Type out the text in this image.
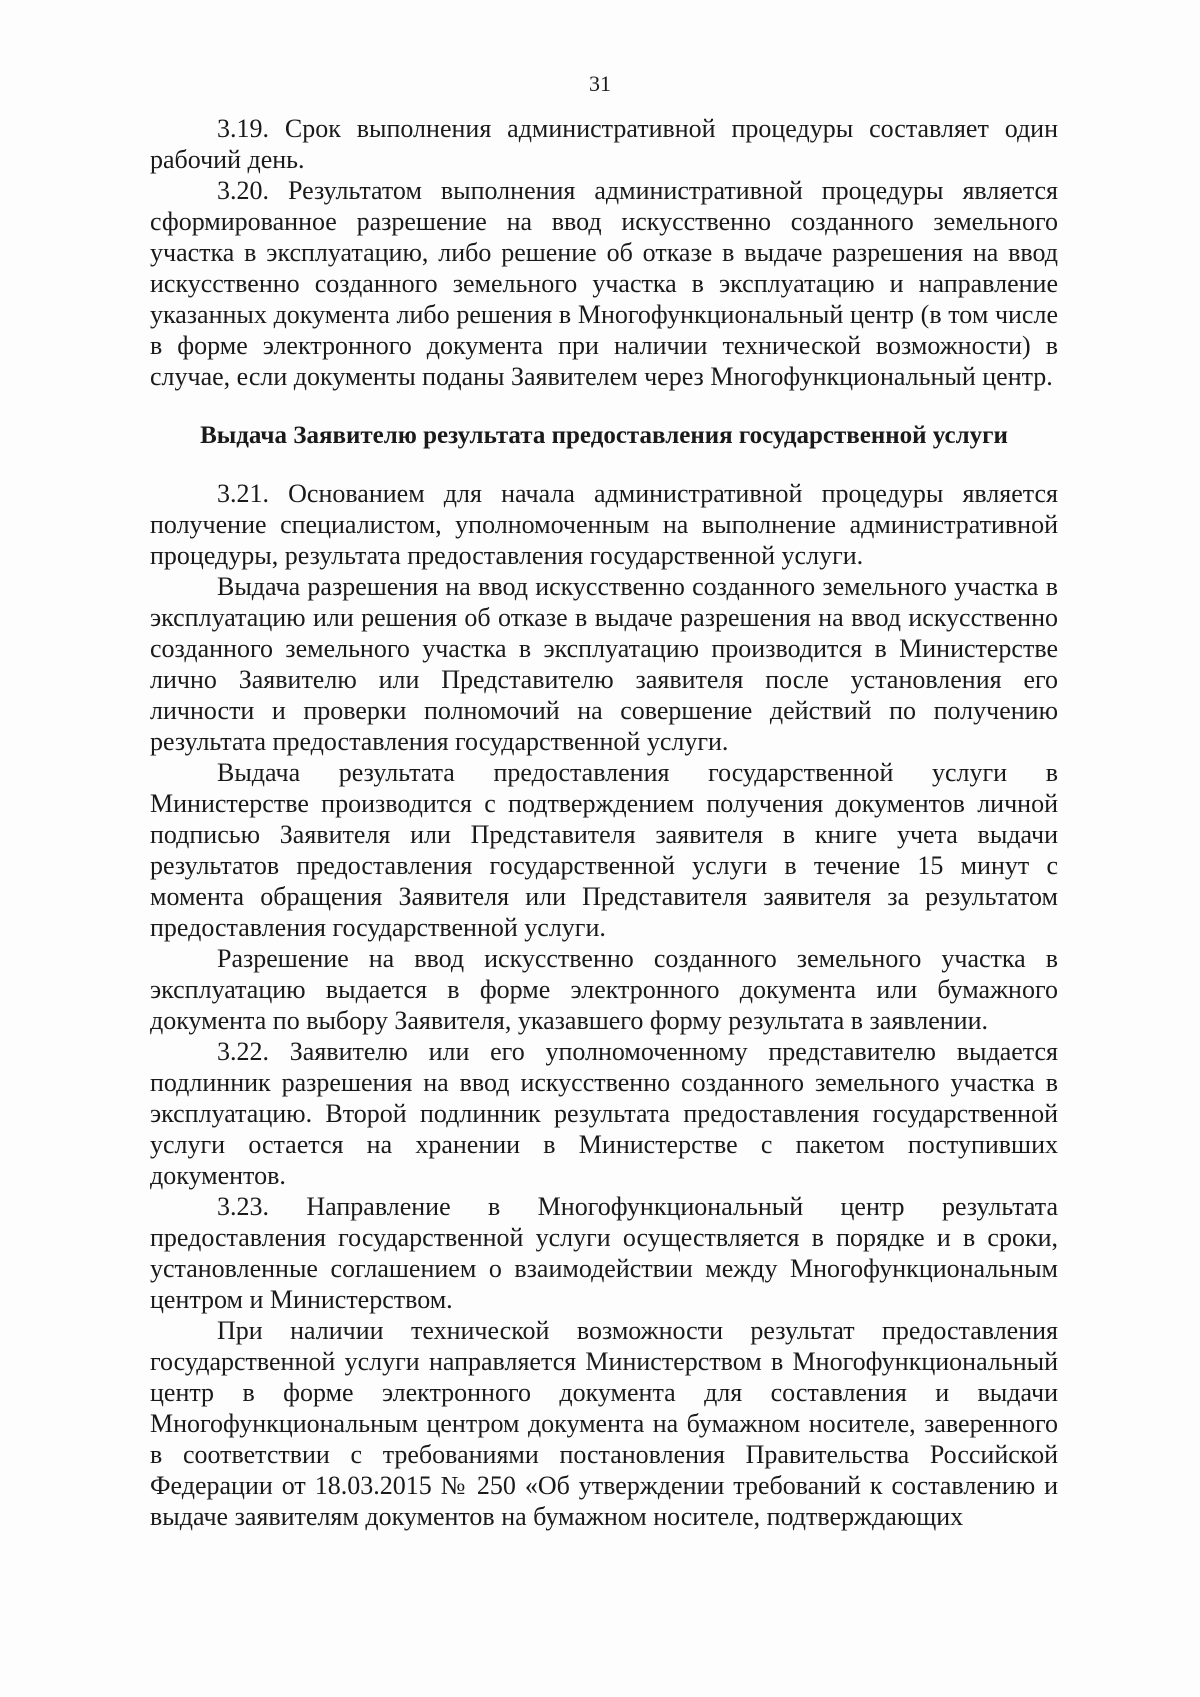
31

3.19. Срок выполнения административной процедуры составляет один рабочий день.

3.20. Результатом выполнения административной процедуры является сформированное разрешение на ввод искусственно созданного земельного участка в эксплуатацию, либо решение об отказе в выдаче разрешения на ввод искусственно созданного земельного участка в эксплуатацию и направление указанных документа либо решения в Многофункциональный центр (в том числе в форме электронного документа при наличии технической возможности) в случае, если документы поданы Заявителем через Многофункциональный центр.

Выдача Заявителю результата предоставления государственной услуги

3.21. Основанием для начала административной процедуры является получение специалистом, уполномоченным на выполнение административной процедуры, результата предоставления государственной услуги.

Выдача разрешения на ввод искусственно созданного земельного участка в эксплуатацию или решения об отказе в выдаче разрешения на ввод искусственно созданного земельного участка в эксплуатацию производится в Министерстве лично Заявителю или Представителю заявителя после установления его личности и проверки полномочий на совершение действий по получению результата предоставления государственной услуги.

Выдача результата предоставления государственной услуги в Министерстве производится с подтверждением получения документов личной подписью Заявителя или Представителя заявителя в книге учета выдачи результатов предоставления государственной услуги в течение 15 минут с момента обращения Заявителя или Представителя заявителя за результатом предоставления государственной услуги.

Разрешение на ввод искусственно созданного земельного участка в эксплуатацию выдается в форме электронного документа или бумажного документа по выбору Заявителя, указавшего форму результата в заявлении.

3.22. Заявителю или его уполномоченному представителю выдается подлинник разрешения на ввод искусственно созданного земельного участка в эксплуатацию. Второй подлинник результата предоставления государственной услуги остается на хранении в Министерстве с пакетом поступивших документов.

3.23. Направление в Многофункциональный центр результата предоставления государственной услуги осуществляется в порядке и в сроки, установленные соглашением о взаимодействии между Многофункциональным центром и Министерством.

При наличии технической возможности результат предоставления государственной услуги направляется Министерством в Многофункциональный центр в форме электронного документа для составления и выдачи Многофункциональным центром документа на бумажном носителе, заверенного в соответствии с требованиями постановления Правительства Российской Федерации от 18.03.2015 № 250 «Об утверждении требований к составлению и выдаче заявителям документов на бумажном носителе, подтверждающих
